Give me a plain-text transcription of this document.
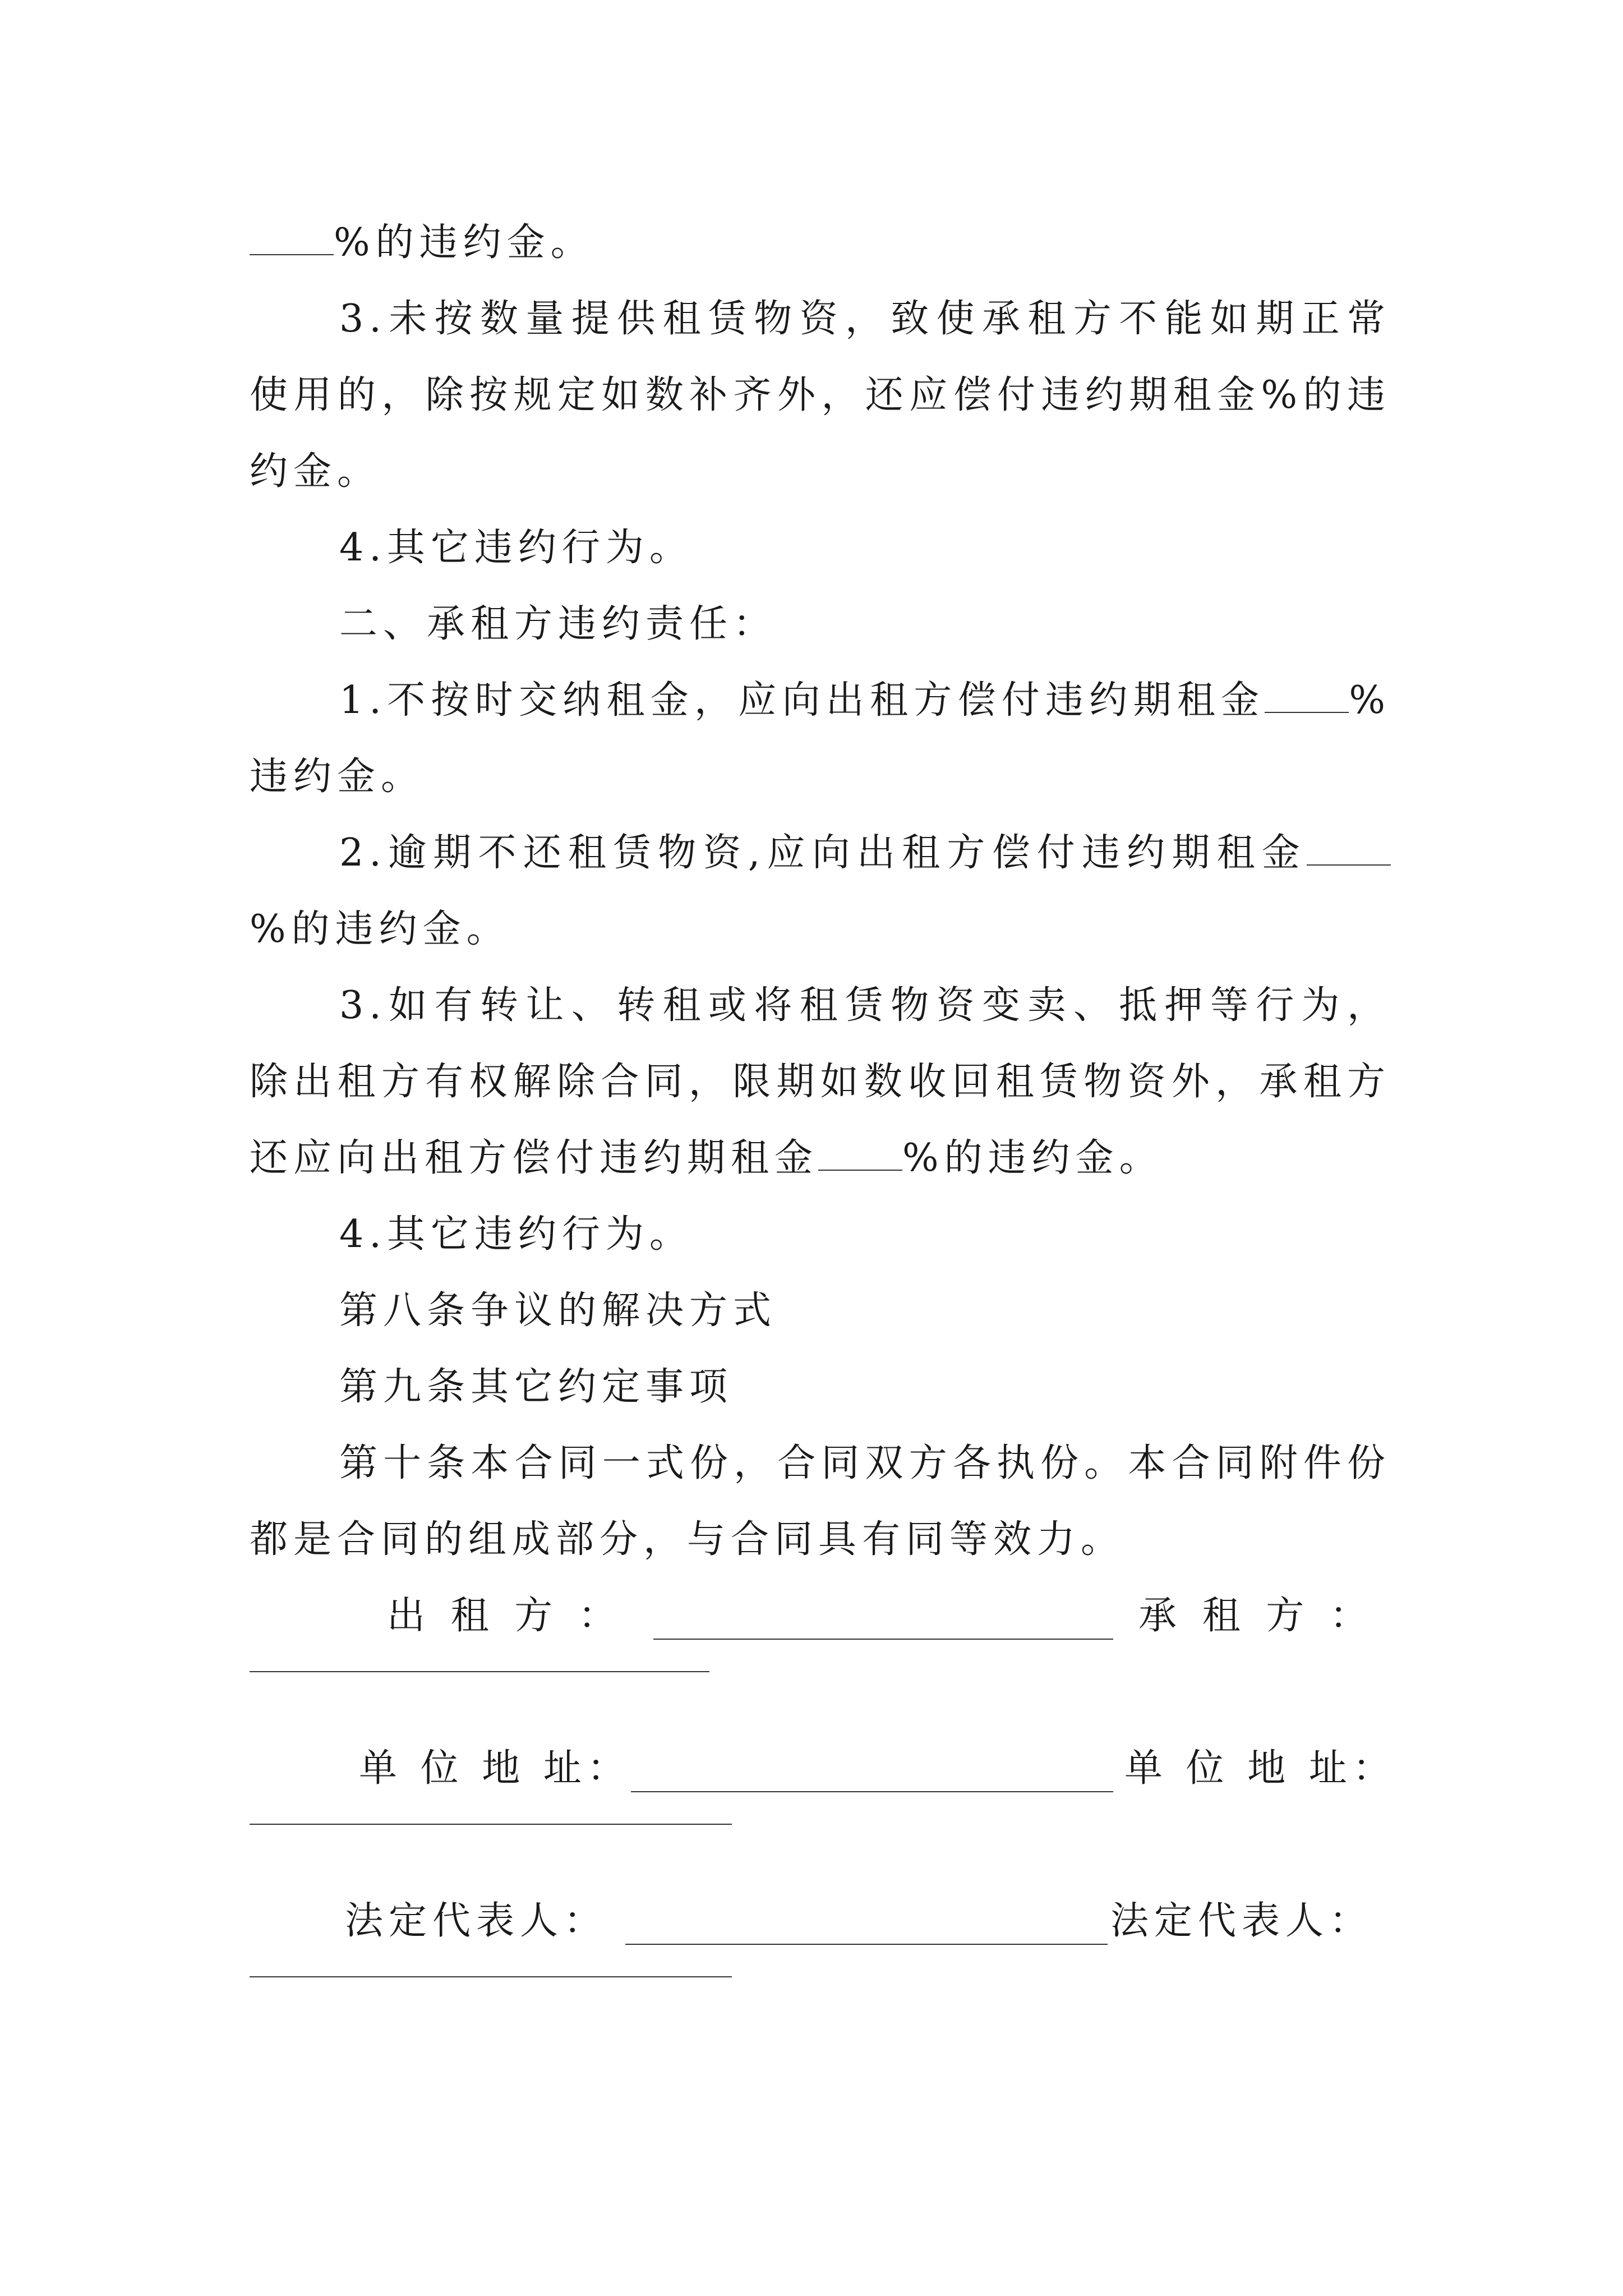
%的违约金。

3.未按数量提供租赁物资，致使承租方不能如期正常使用的，除按规定如数补齐外，还应偿付违约期租金%的违约金。

4.其它违约行为。

二、承租方违约责任：

1.不按时交纳租金，应向出租方偿付违约期租金 %违约金。

2.逾期不还租赁物资,应向出租方偿付违约期租金%的违约金。

3.如有转让、转租或将租赁物资变卖、抵押等行为，除出租方有权解除合同，限期如数收回租赁物资外，承租方还应向出租方偿付违约期租金 %的违约金。

4.其它违约行为。

第八条争议的解决方式

第九条其它约定事项

第十条本合同一式份，合同双方各执份。本合同附件份都是合同的组成部分，与合同具有同等效力。

出 租 方 ：	承 租 方 ：
单 位 地 址：	单 位 地 址：
法定代表人：	法定代表人：
